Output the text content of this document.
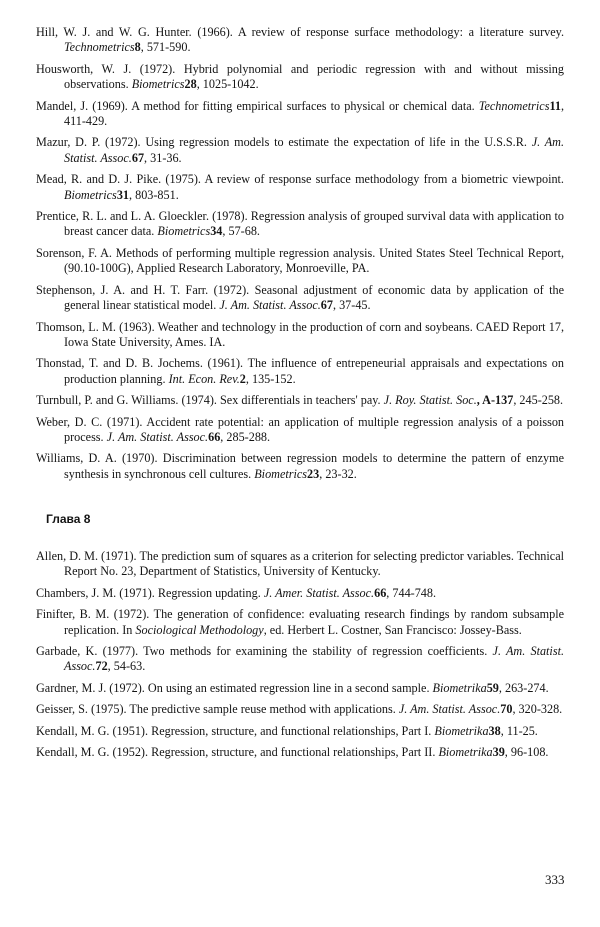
Hill, W. J. and W. G. Hunter. (1966). A review of response surface methodology: a literature survey. Technometrics8, 571-590.
Housworth, W. J. (1972). Hybrid polynomial and periodic regression with and without missing observations. Biometrics28, 1025-1042.
Mandel, J. (1969). A method for fitting empirical surfaces to physical or chemical data. Technometrics11, 411-429.
Mazur, D. P. (1972). Using regression models to estimate the expectation of life in the U.S.S.R. J. Am. Statist. Assoc.67, 31-36.
Mead, R. and D. J. Pike. (1975). A review of response surface methodology from a biometric viewpoint. Biometrics31, 803-851.
Prentice, R. L. and L. A. Gloeckler. (1978). Regression analysis of grouped survival data with application to breast cancer data. Biometrics34, 57-68.
Sorenson, F. A. Methods of performing multiple regression analysis. United States Steel Technical Report, (90.10-100G), Applied Research Laboratory, Monroeville, PA.
Stephenson, J. A. and H. T. Farr. (1972). Seasonal adjustment of economic data by application of the general linear statistical model. J. Am. Statist. Assoc.67, 37-45.
Thomson, L. M. (1963). Weather and technology in the production of corn and soybeans. CAED Report 17, Iowa State University, Ames. IA.
Thonstad, T. and D. B. Jochems. (1961). The influence of entrepeneurial appraisals and expectations on production planning. Int. Econ. Rev.2, 135-152.
Turnbull, P. and G. Williams. (1974). Sex differentials in teachers' pay. J. Roy. Statist. Soc., A-137, 245-258.
Weber, D. C. (1971). Accident rate potential: an application of multiple regression analysis of a poisson process. J. Am. Statist. Assoc.66, 285-288.
Williams, D. A. (1970). Discrimination between regression models to determine the pattern of enzyme synthesis in synchronous cell cultures. Biometrics23, 23-32.
Глава 8
Allen, D. M. (1971). The prediction sum of squares as a criterion for selecting predictor variables. Technical Report No. 23, Department of Statistics, University of Kentucky.
Chambers, J. M. (1971). Regression updating. J. Amer. Statist. Assoc.66, 744-748.
Finifter, B. M. (1972). The generation of confidence: evaluating research findings by random subsample replication. In Sociological Methodology, ed. Herbert L. Costner, San Francisco: Jossey-Bass.
Garbade, K. (1977). Two methods for examining the stability of regression coefficients. J. Am. Statist. Assoc.72, 54-63.
Gardner, M. J. (1972). On using an estimated regression line in a second sample. Biometrika59, 263-274.
Geisser, S. (1975). The predictive sample reuse method with applications. J. Am. Statist. Assoc.70, 320-328.
Kendall, M. G. (1951). Regression, structure, and functional relationships, Part I. Biometrika38, 11-25.
Kendall, M. G. (1952). Regression, structure, and functional relationships, Part II. Biometrika39, 96-108.
333
